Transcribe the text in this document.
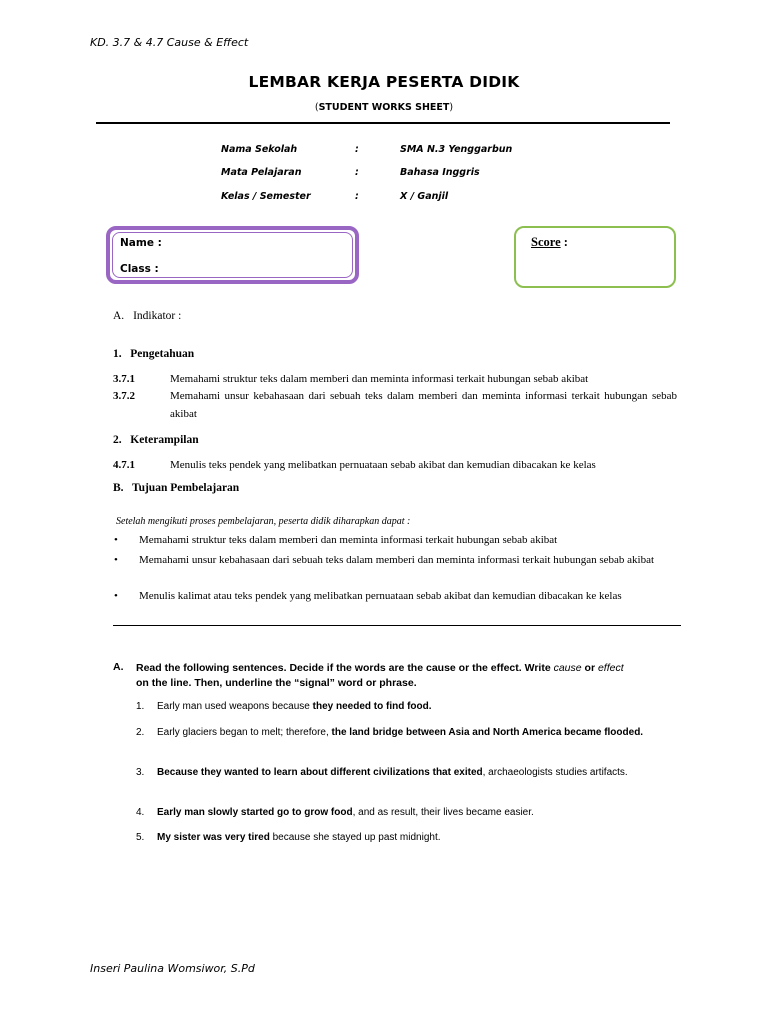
KD. 3.7 & 4.7 Cause & Effect
LEMBAR KERJA PESERTA DIDIK
(STUDENT WORKS SHEET)
Nama Sekolah	:	SMA N.3 Yenggarbun
Mata Pelajaran	:	Bahasa Inggris
Kelas / Semester	:	X / Ganjil
Name :
Class :
Score :
A. Indikator :
1.   Pengetahuan
3.7.1	Memahami struktur teks dalam memberi dan meminta informasi terkait hubungan sebab akibat
3.7.2	Memahami unsur kebahasaan dari sebuah teks dalam memberi dan meminta informasi terkait hubungan sebab akibat
2.   Keterampilan
4.7.1	Menulis teks pendek yang melibatkan pernuataan sebab akibat dan kemudian dibacakan ke kelas
B.   Tujuan Pembelajaran
Setelah mengikuti proses pembelajaran, peserta didik diharapkan dapat :
• Memahami struktur teks dalam memberi dan meminta informasi terkait hubungan sebab akibat
• Memahami unsur kebahasaan dari sebuah teks dalam memberi dan meminta informasi terkait hubungan sebab akibat
• Menulis kalimat atau teks pendek yang melibatkan pernuataan sebab akibat dan kemudian dibacakan ke kelas
A. Read the following sentences. Decide if the words are the cause or the effect. Write cause or effect
on the line. Then, underline the “signal” word or phrase.
1. Early man used weapons because they needed to find food.
2. Early glaciers began to melt; therefore, the land bridge between Asia and North America became flooded.
3. Because they wanted to learn about different civilizations that exited, archaeologists studies artifacts.
4. Early man slowly started go to grow food, and as result, their lives became easier.
5. My sister was very tired because she stayed up past midnight.
Inseri Paulina Womsiwor, S.Pd
